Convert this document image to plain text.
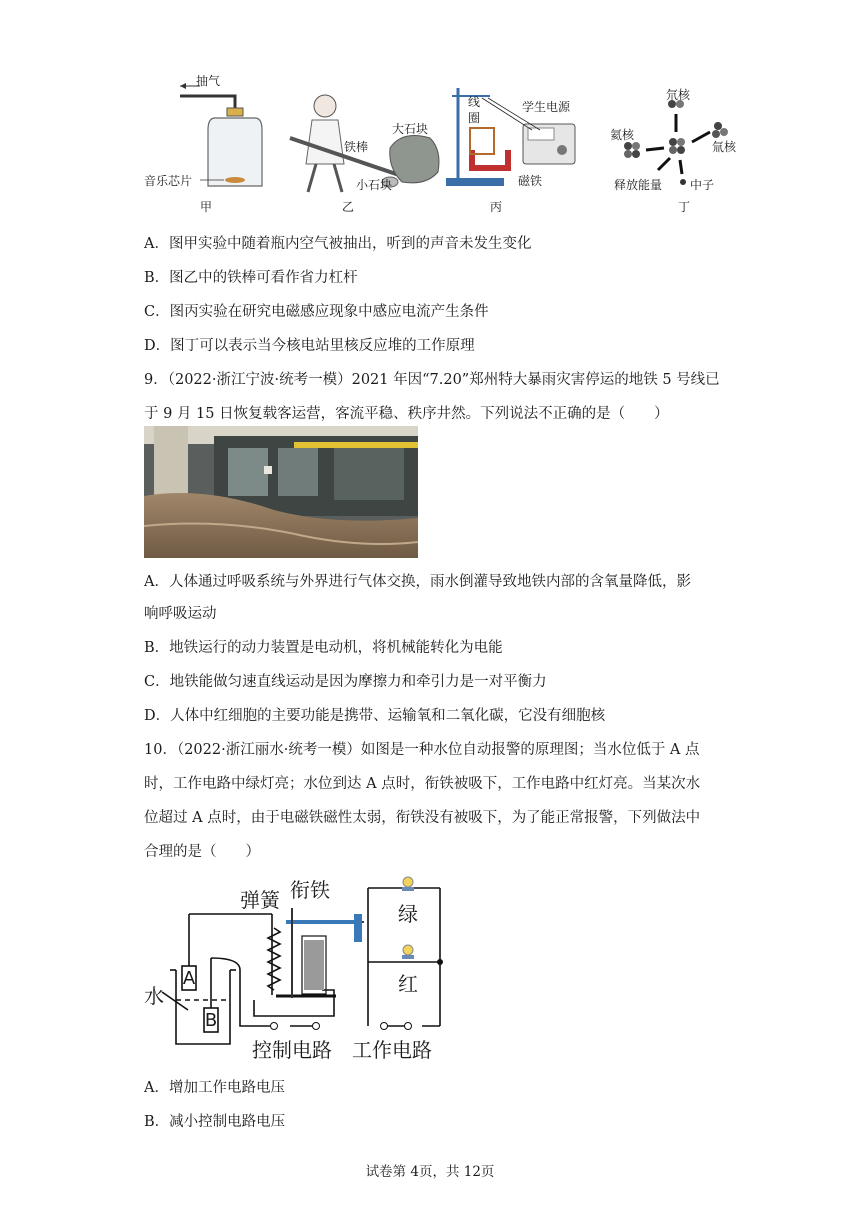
抽气
音乐芯片
甲
铁棒
大石块
小石块
乙
线圈
学生电源
磁铁
丙
氘核
氦核
氚核
释放能量 中子
丁
A．图甲实验中随着瓶内空气被抽出，听到的声音未发生变化
B．图乙中的铁棒可看作省力杠杆
C．图丙实验在研究电磁感应现象中感应电流产生条件
D．图丁可以表示当今核电站里核反应堆的工作原理
9．（2022·浙江宁波·统考一模）2021 年因“7.20”郑州特大暴雨灾害停运的地铁 5 号线已
于 9 月 15 日恢复载客运营，客流平稳、秩序井然。下列说法不正确的是（　　）
A．人体通过呼吸系统与外界进行气体交换，雨水倒灌导致地铁内部的含氧量降低，影
响呼吸运动
B．地铁运行的动力装置是电动机，将机械能转化为电能
C．地铁能做匀速直线运动是因为摩擦力和牵引力是一对平衡力
D．人体中红细胞的主要功能是携带、运输氧和二氧化碳，它没有细胞核
10．（2022·浙江丽水·统考一模）如图是一种水位自动报警的原理图；当水位低于 A 点
时，工作电路中绿灯亮；水位到达 A 点时，衔铁被吸下，工作电路中红灯亮。当某次水
位超过 A 点时，由于电磁铁磁性太弱，衔铁没有被吸下，为了能正常报警，下列做法中
合理的是（　　）
弹簧 衔铁
绿
红
水
A
B
控制电路 工作电路
A．增加工作电路电压
B．减小控制电路电压
试卷第 4页，共 12页
